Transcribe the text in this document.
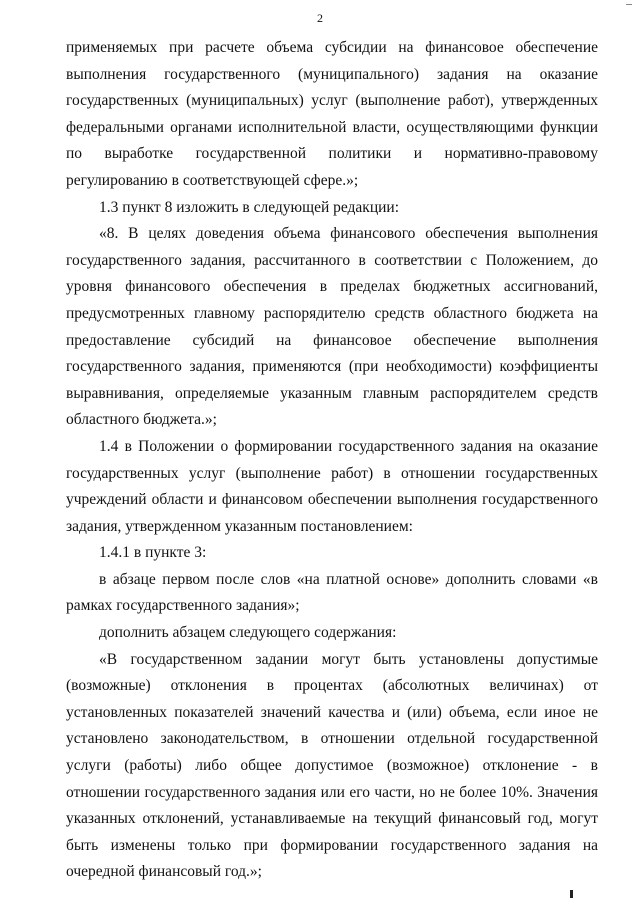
2

применяемых при расчете объема субсидии на финансовое обеспечение выполнения государственного (муниципального) задания на оказание государственных (муниципальных) услуг (выполнение работ), утвержденных федеральными органами исполнительной власти, осуществляющими функции по выработке государственной политики и нормативно-правовому регулированию в соответствующей сфере.»;

1.3 пункт 8 изложить в следующей редакции:

«8. В целях доведения объема финансового обеспечения выполнения государственного задания, рассчитанного в соответствии с Положением, до уровня финансового обеспечения в пределах бюджетных ассигнований, предусмотренных главному распорядителю средств областного бюджета на предоставление субсидий на финансовое обеспечение выполнения государственного задания, применяются (при необходимости) коэффициенты выравнивания, определяемые указанным главным распорядителем средств областного бюджета.»;

1.4 в Положении о формировании государственного задания на оказание государственных услуг (выполнение работ) в отношении государственных учреждений области и финансовом обеспечении выполнения государственного задания, утвержденном указанным постановлением:

1.4.1 в пункте 3:

в абзаце первом после слов «на платной основе» дополнить словами «в рамках государственного задания»;

дополнить абзацем следующего содержания:

«В государственном задании могут быть установлены допустимые (возможные) отклонения в процентах (абсолютных величинах) от установленных показателей значений качества и (или) объема, если иное не установлено законодательством, в отношении отдельной государственной услуги (работы) либо общее допустимое (возможное) отклонение - в отношении государственного задания или его части, но не более 10%. Значения указанных отклонений, устанавливаемые на текущий финансовый год, могут быть изменены только при формировании государственного задания на очередной финансовый год.»;
